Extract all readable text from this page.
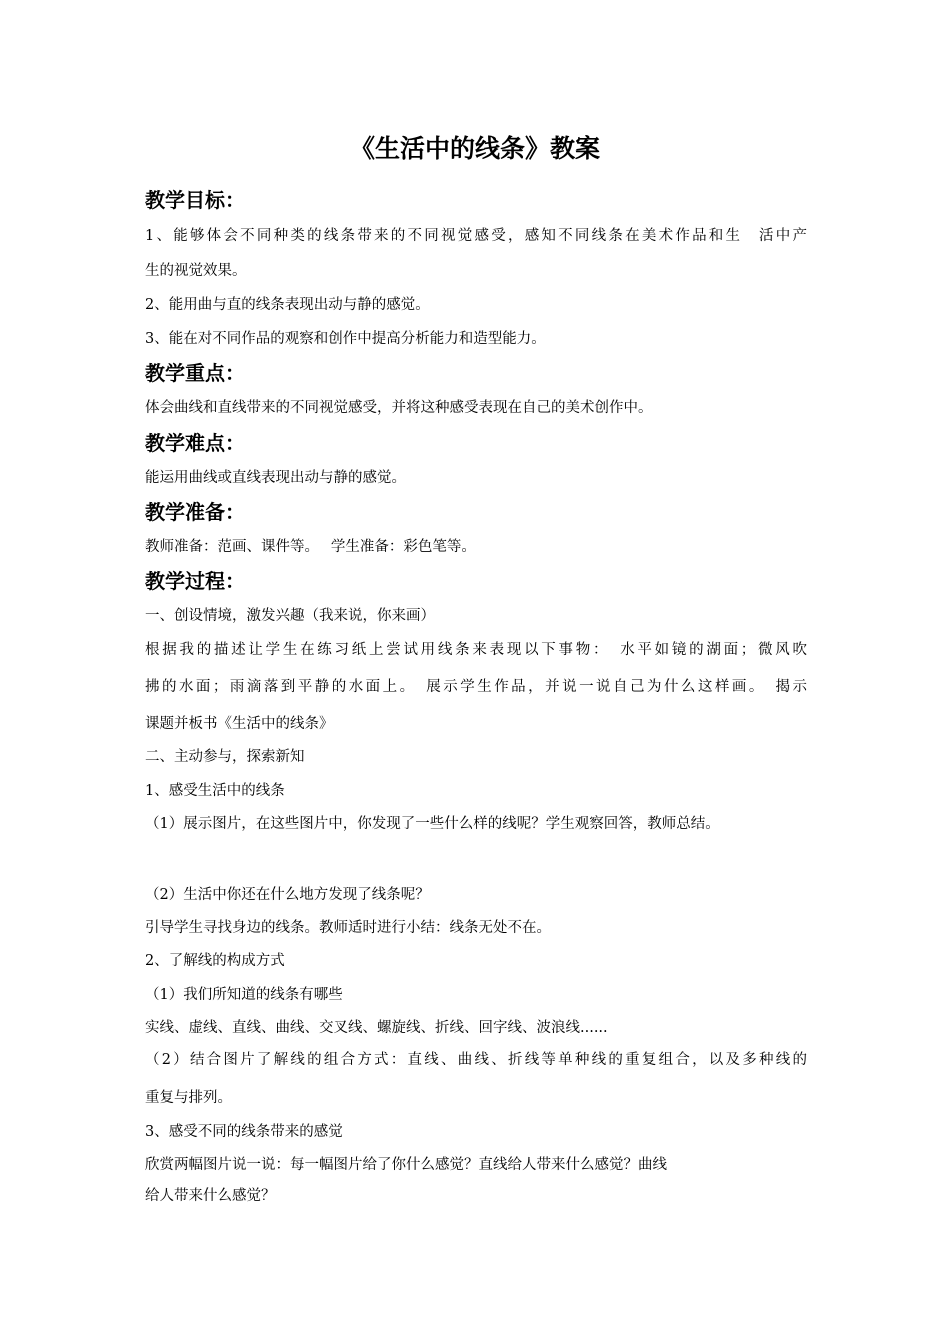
《生活中的线条》教案
教学目标：
1、能够体会不同种类的线条带来的不同视觉感受，感知不同线条在美术作品和生　活中产
生的视觉效果。
2、能用曲与直的线条表现出动与静的感觉。
3、能在对不同作品的观察和创作中提高分析能力和造型能力。
教学重点：
体会曲线和直线带来的不同视觉感受，并将这种感受表现在自己的美术创作中。
教学难点：
能运用曲线或直线表现出动与静的感觉。
教学准备：
教师准备：范画、课件等。　 学生准备：彩色笔等。
教学过程：
一、创设情境，激发兴趣（我来说，你来画）
根据我的描述让学生在练习纸上尝试用线条来表现以下事物：　水平如镜的湖面；微风吹
拂的水面；雨滴落到平静的水面上。　展示学生作品，并说一说自己为什么这样画。　揭示
课题并板书《生活中的线条》
二、主动参与，探索新知
1、感受生活中的线条
（1）展示图片，在这些图片中，你发现了一些什么样的线呢？学生观察回答，教师总结。
（2）生活中你还在什么地方发现了线条呢？
引导学生寻找身边的线条。教师适时进行小结：线条无处不在。
2、了解线的构成方式
（1）我们所知道的线条有哪些
实线、虚线、直线、曲线、交叉线、螺旋线、折线、回字线、波浪线......
（2）结合图片了解线的组合方式：直线、曲线、折线等单种线的重复组合，以及多种线的
重复与排列。
3、感受不同的线条带来的感觉
欣赏两幅图片说一说：每一幅图片给了你什么感觉？直线给人带来什么感觉？曲线
给人带来什么感觉？
